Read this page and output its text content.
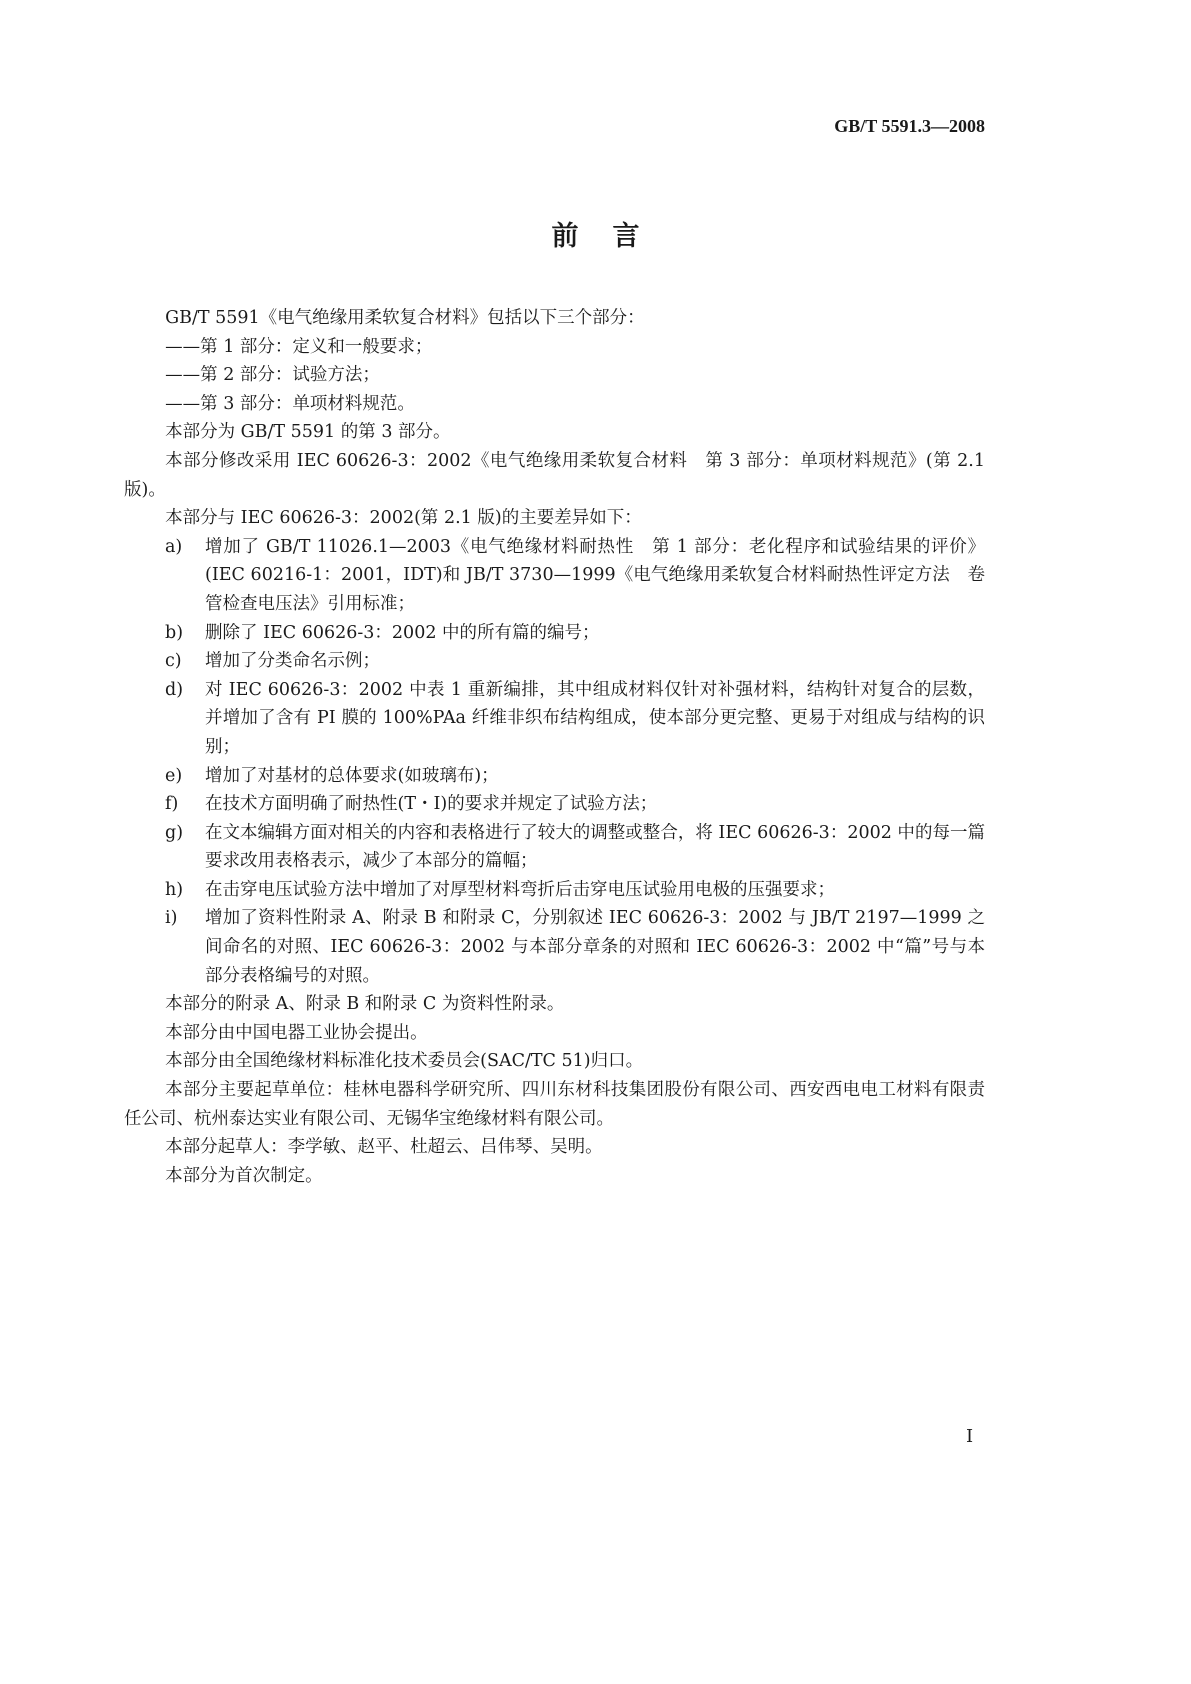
GB/T 5591.3—2008
前言

GB/T 5591《电气绝缘用柔软复合材料》包括以下三个部分：

——第 1 部分：定义和一般要求；

——第 2 部分：试验方法；

——第 3 部分：单项材料规范。

本部分为 GB/T 5591 的第 3 部分。

本部分修改采用 IEC 60626-3：2002《电气绝缘用柔软复合材料　第 3 部分：单项材料规范》(第 2.1 版)。

本部分与 IEC 60626-3：2002(第 2.1 版)的主要差异如下：

a)	增加了 GB/T 11026.1—2003《电气绝缘材料耐热性　第 1 部分：老化程序和试验结果的评价》(IEC 60216-1：2001，IDT)和 JB/T 3730—1999《电气绝缘用柔软复合材料耐热性评定方法　卷管检查电压法》引用标准；
b)	删除了 IEC 60626-3：2002 中的所有篇的编号；
c)	增加了分类命名示例；
d)	对 IEC 60626-3：2002 中表 1 重新编排，其中组成材料仅针对补强材料，结构针对复合的层数，并增加了含有 PI 膜的 100%PAa 纤维非织布结构组成，使本部分更完整、更易于对组成与结构的识别；
e)	增加了对基材的总体要求(如玻璃布)；
f)	在技术方面明确了耐热性(T・I)的要求并规定了试验方法；
g)	在文本编辑方面对相关的内容和表格进行了较大的调整或整合，将 IEC 60626-3：2002 中的每一篇要求改用表格表示，减少了本部分的篇幅；
h)	在击穿电压试验方法中增加了对厚型材料弯折后击穿电压试验用电极的压强要求；
i)	增加了资料性附录 A、附录 B 和附录 C，分别叙述 IEC 60626-3：2002 与 JB/T 2197—1999 之间命名的对照、IEC 60626-3：2002 与本部分章条的对照和 IEC 60626-3：2002 中“篇”号与本部分表格编号的对照。

本部分的附录 A、附录 B 和附录 C 为资料性附录。

本部分由中国电器工业协会提出。

本部分由全国绝缘材料标准化技术委员会(SAC/TC 51)归口。

本部分主要起草单位：桂林电器科学研究所、四川东材科技集团股份有限公司、西安西电电工材料有限责任公司、杭州泰达实业有限公司、无锡华宝绝缘材料有限公司。

本部分起草人：李学敏、赵平、杜超云、吕伟琴、吴明。

本部分为首次制定。

I
